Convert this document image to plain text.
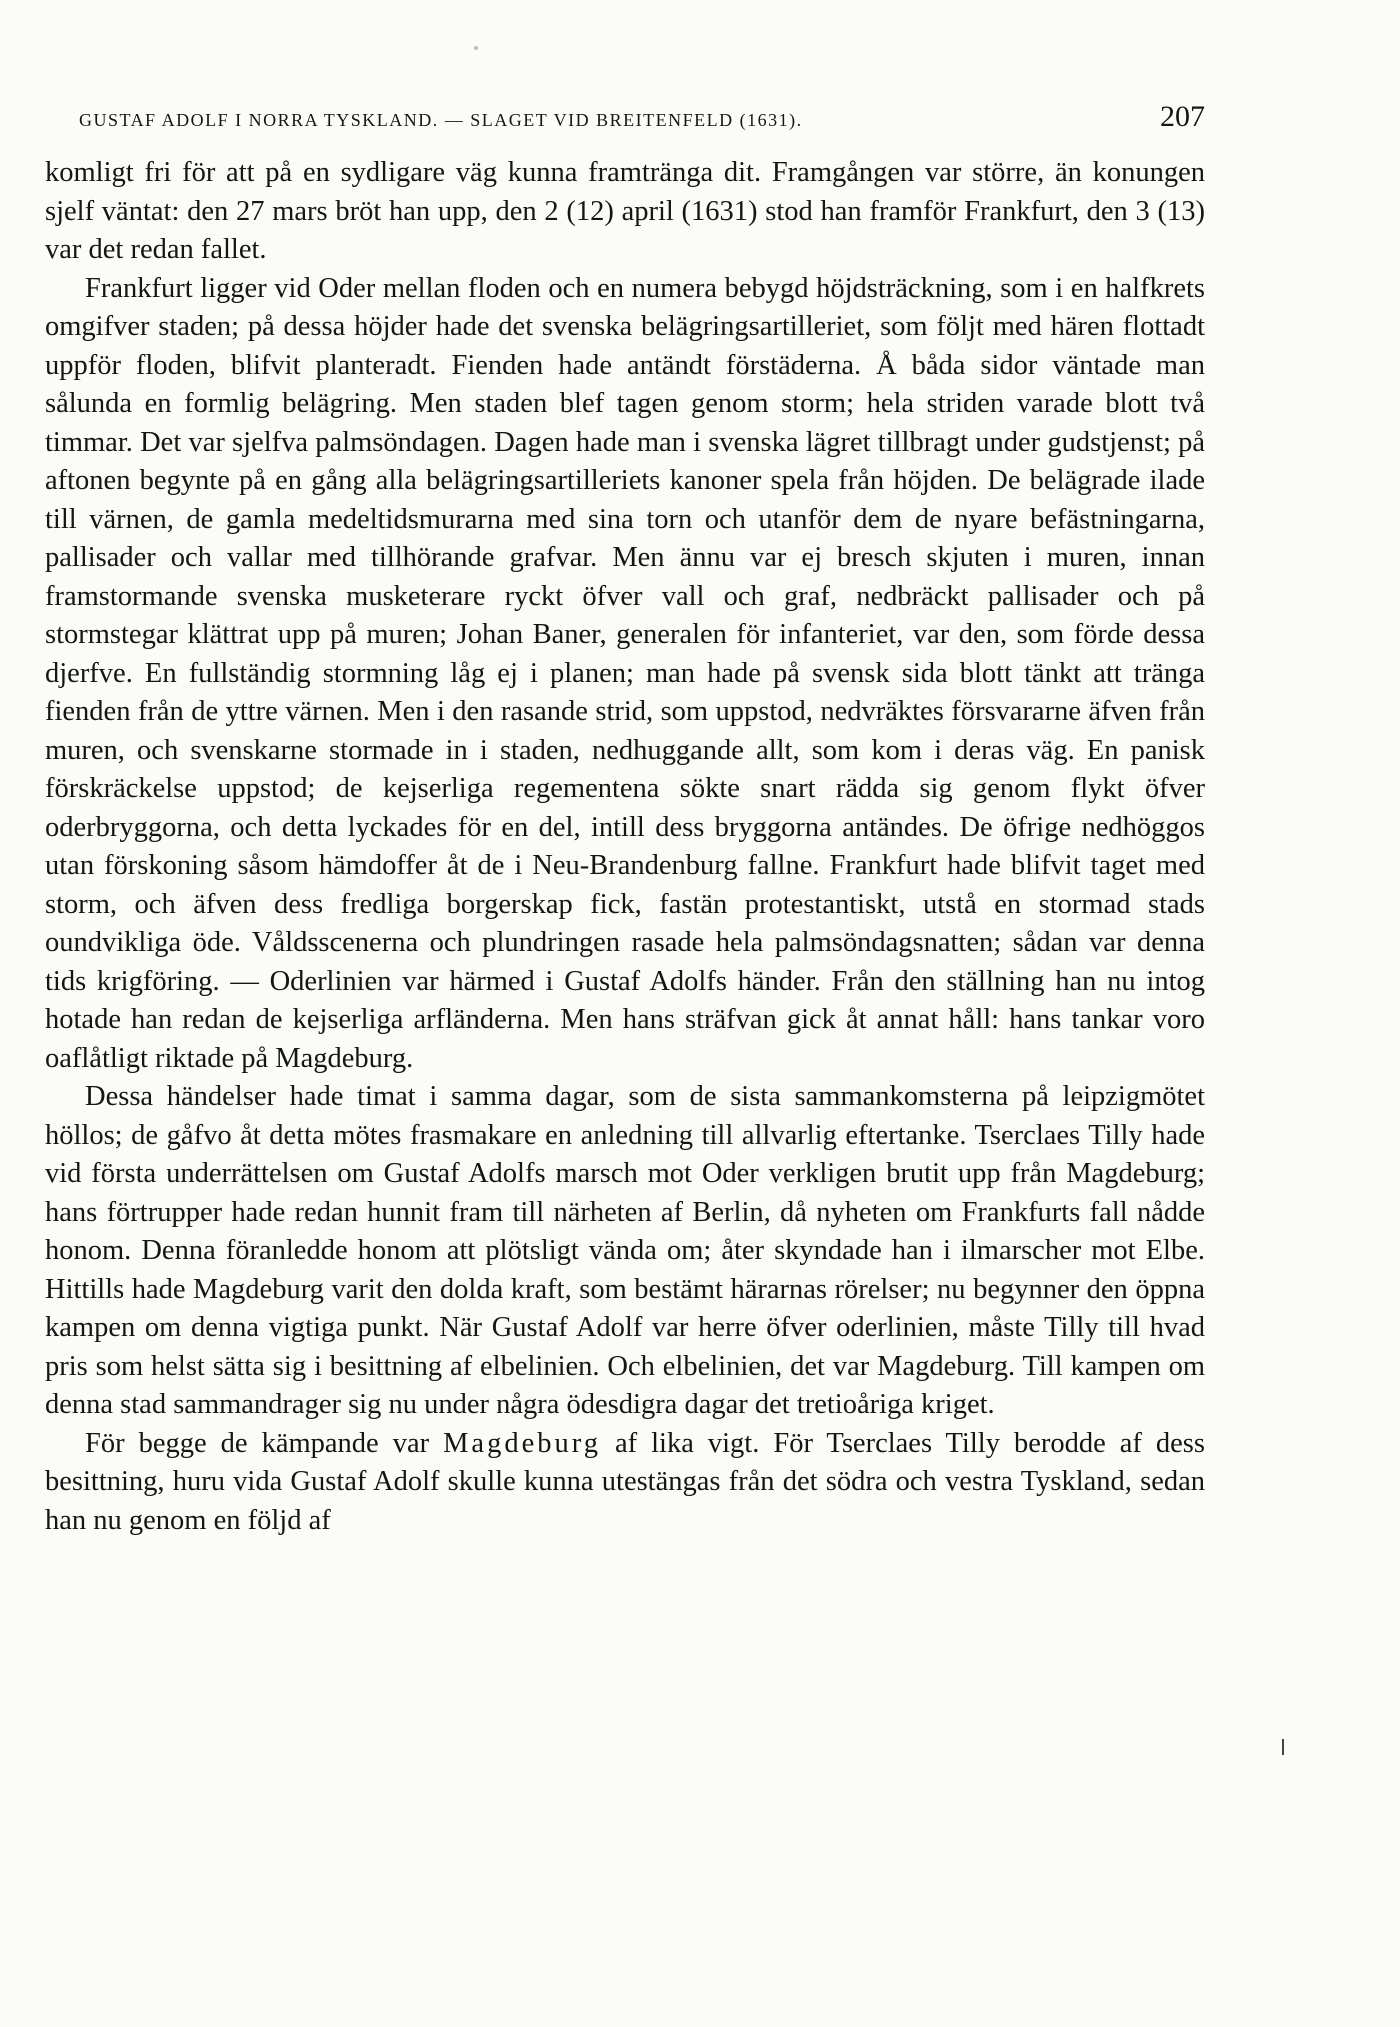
GUSTAF ADOLF I NORRA TYSKLAND. — SLAGET VID BREITENFELD (1631).	207

komligt fri för att på en sydligare väg kunna framtränga dit. Framgången var större, än konungen sjelf väntat: den 27 mars bröt han upp, den 2 (12) april (1631) stod han framför Frankfurt, den 3 (13) var det redan fallet.

Frankfurt ligger vid Oder mellan floden och en numera bebygd höjdsträckning, som i en halfkrets omgifver staden; på dessa höjder hade det svenska belägringsartilleriet, som följt med hären flottadt uppför floden, blifvit planteradt. Fienden hade antändt förstäderna. Å båda sidor väntade man sålunda en formlig belägring. Men staden blef tagen genom storm; hela striden varade blott två timmar. Det var sjelfva palmsöndagen. Dagen hade man i svenska lägret tillbragt under gudstjenst; på aftonen begynte på en gång alla belägringsartilleriets kanoner spela från höjden. De belägrade ilade till värnen, de gamla medeltidsmurarna med sina torn och utanför dem de nyare befästningarna, pallisader och vallar med tillhörande grafvar. Men ännu var ej bresch skjuten i muren, innan framstormande svenska musketerare ryckt öfver vall och graf, nedbräckt pallisader och på stormstegar klättrat upp på muren; Johan Baner, generalen för infanteriet, var den, som förde dessa djerfve. En fullständig stormning låg ej i planen; man hade på svensk sida blott tänkt att tränga fienden från de yttre värnen. Men i den rasande strid, som uppstod, nedvräktes försvararne äfven från muren, och svenskarne stormade in i staden, nedhuggande allt, som kom i deras väg. En panisk förskräckelse uppstod; de kejserliga regementena sökte snart rädda sig genom flykt öfver oderbryggorna, och detta lyckades för en del, intill dess bryggorna antändes. De öfrige nedhöggos utan förskoning såsom hämdoffer åt de i Neu-Brandenburg fallne. Frankfurt hade blifvit taget med storm, och äfven dess fredliga borgerskap fick, fastän protestantiskt, utstå en stormad stads oundvikliga öde. Våldsscenerna och plundringen rasade hela palmsöndagsnatten; sådan var denna tids krigföring. — Oderlinien var härmed i Gustaf Adolfs händer. Från den ställning han nu intog hotade han redan de kejserliga arfländerna. Men hans sträfvan gick åt annat håll: hans tankar voro oaflåtligt riktade på Magdeburg.

Dessa händelser hade timat i samma dagar, som de sista sammankomsterna på leipzigmötet höllos; de gåfvo åt detta mötes frasmakare en anledning till allvarlig eftertanke. Tserclaes Tilly hade vid första underrättelsen om Gustaf Adolfs marsch mot Oder verkligen brutit upp från Magdeburg; hans förtrupper hade redan hunnit fram till närheten af Berlin, då nyheten om Frankfurts fall nådde honom. Denna föranledde honom att plötsligt vända om; åter skyndade han i ilmarscher mot Elbe. Hittills hade Magdeburg varit den dolda kraft, som bestämt härarnas rörelser; nu begynner den öppna kampen om denna vigtiga punkt. När Gustaf Adolf var herre öfver oderlinien, måste Tilly till hvad pris som helst sätta sig i besittning af elbelinien. Och elbelinien, det var Magdeburg. Till kampen om denna stad sammandrager sig nu under några ödesdigra dagar det tretioåriga kriget.

För begge de kämpande var Magdeburg af lika vigt. För Tserclaes Tilly berodde af dess besittning, huru vida Gustaf Adolf skulle kunna utestängas från det södra och vestra Tyskland, sedan han nu genom en följd af
